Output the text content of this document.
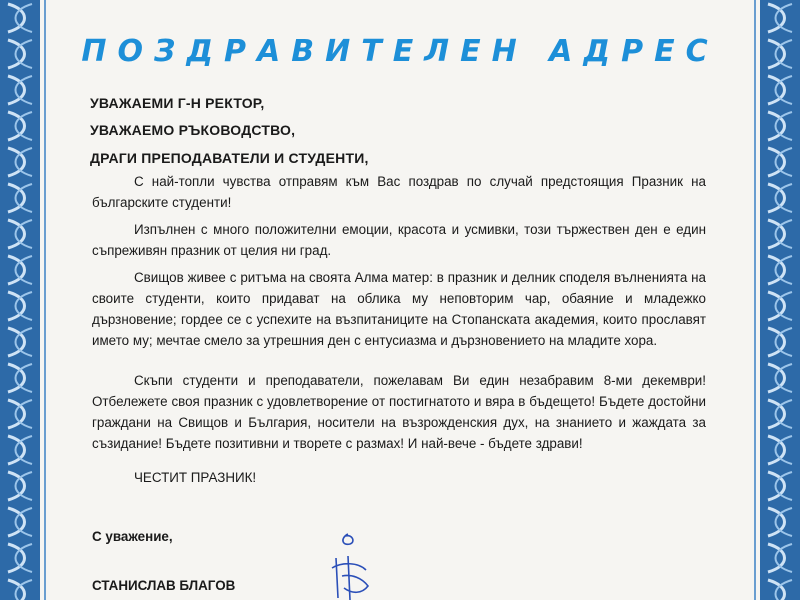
ПОЗДРАВИТЕЛЕН АДРЕС
УВАЖАЕМИ Г-Н РЕКТОР,
УВАЖАЕМО РЪКОВОДСТВО,
ДРАГИ ПРЕПОДАВАТЕЛИ И СТУДЕНТИ,
С най-топли чувства отправям към Вас поздрав по случай предстоящия Празник на българските студенти!
Изпълнен с много положителни емоции, красота и усмивки, този тържествен ден е един съпреживян празник от целия ни град.
Свищов живее с ритъма на своята Алма матер: в празник и делник споделя вълненията на своите студенти, които придават на облика му неповторим чар, обаяние и младежко дързновение; гордее се с успехите на възпитаниците на Стопанската академия, които прославят името му; мечтае смело за утрешния ден с ентусиазма и дързновението на младите хора.
Скъпи студенти и преподаватели, пожелавам Ви един незабравим 8-ми декември! Отбележете своя празник с удовлетворение от постигнатото и вяра в бъдещето! Бъдете достойни граждани на Свищов и България, носители на възрожденския дух, на знанието и жаждата за съзидание! Бъдете позитивни и творете с размах! И най-вече - бъдете здрави!
ЧЕСТИТ ПРАЗНИК!
С уважение,
СТАНИСЛАВ БЛАГОВ
